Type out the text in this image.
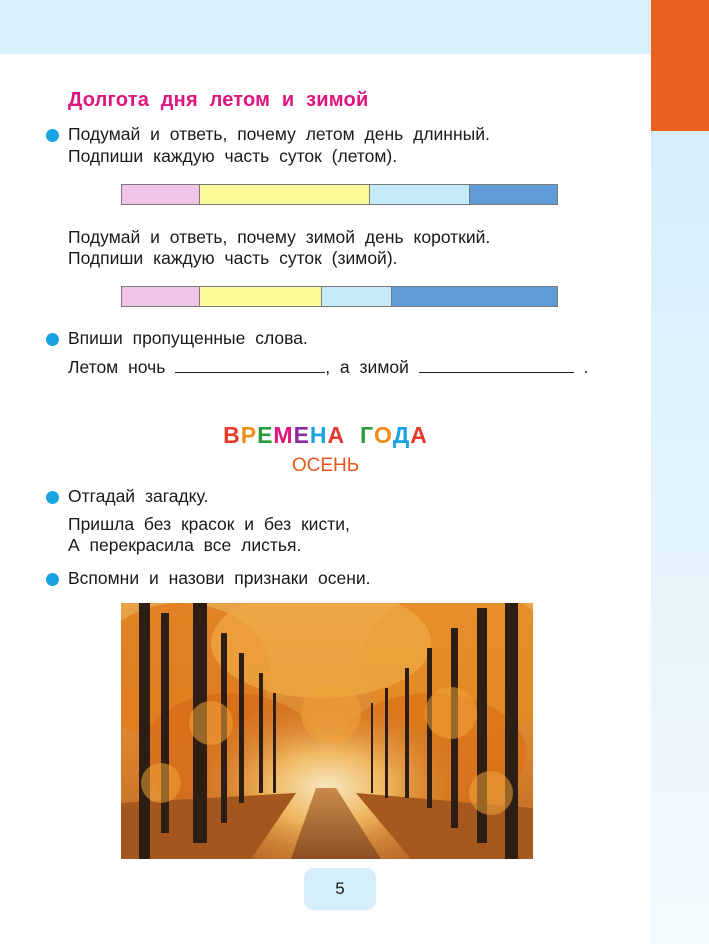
Долгота дня летом и зимой
Подумай и ответь, почему летом день длинный.
Подпиши каждую часть суток (летом).
Подумай и ответь, почему зимой день короткий.
Подпиши каждую часть суток (зимой).
Впиши пропущенные слова.
Летом ночь	, а зимой	.
ВРЕМЕНА ГОДА
ОСЕНЬ
Отгадай загадку.
Пришла без красок и без кисти,
А перекрасила все листья.
Вспомни и назови признаки осени.
5
